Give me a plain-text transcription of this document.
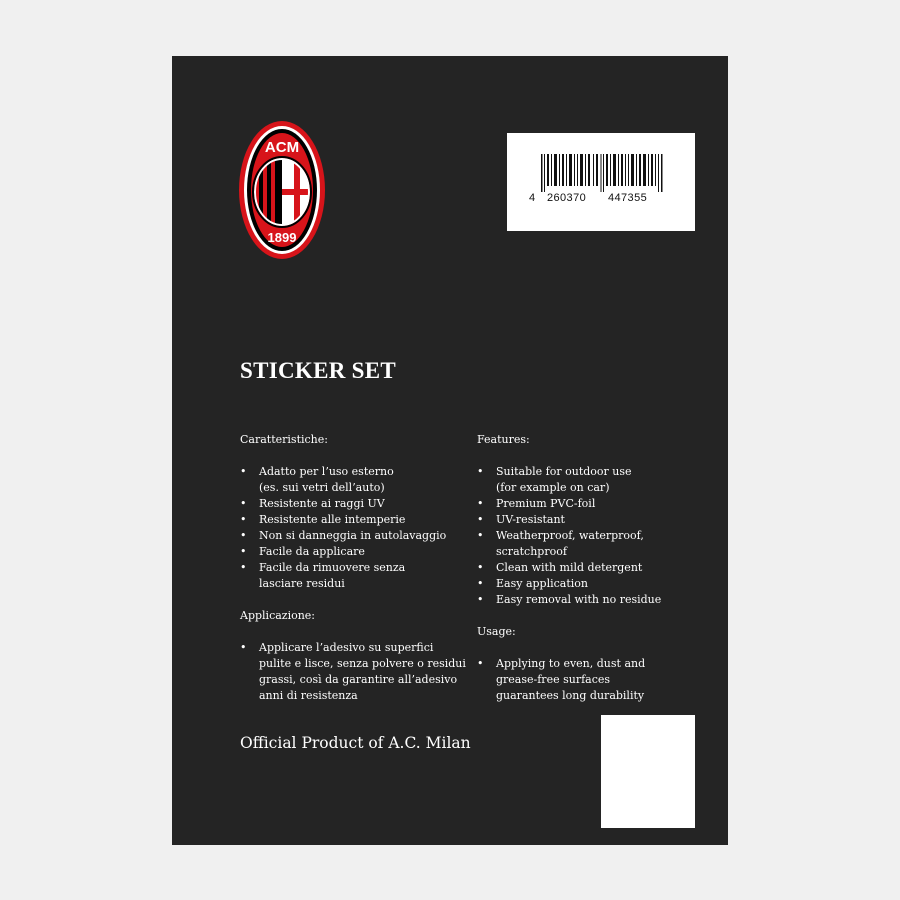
ACM
1899
4 260370 447355
STICKER SET

Caratteristiche:

• Adatto per l’uso esterno
(es. sui vetri dell’auto)
• Resistente ai raggi UV
• Resistente alle intemperie
• Non si danneggia in autolavaggio
• Facile da applicare
• Facile da rimuovere senza
lasciare residui

Applicazione:

• Applicare l’adesivo su superfici
pulite e lisce, senza polvere o residui
grassi, così da garantire all’adesivo
anni di resistenza

Features:

• Suitable for outdoor use
(for example on car)
• Premium PVC-foil
• UV-resistant
• Weatherproof, waterproof, scratchproof
• Clean with mild detergent
• Easy application
• Easy removal with no residue

Usage:

• Applying to even, dust and
grease-free surfaces
guarantees long durability
Official Product of A.C. Milan
